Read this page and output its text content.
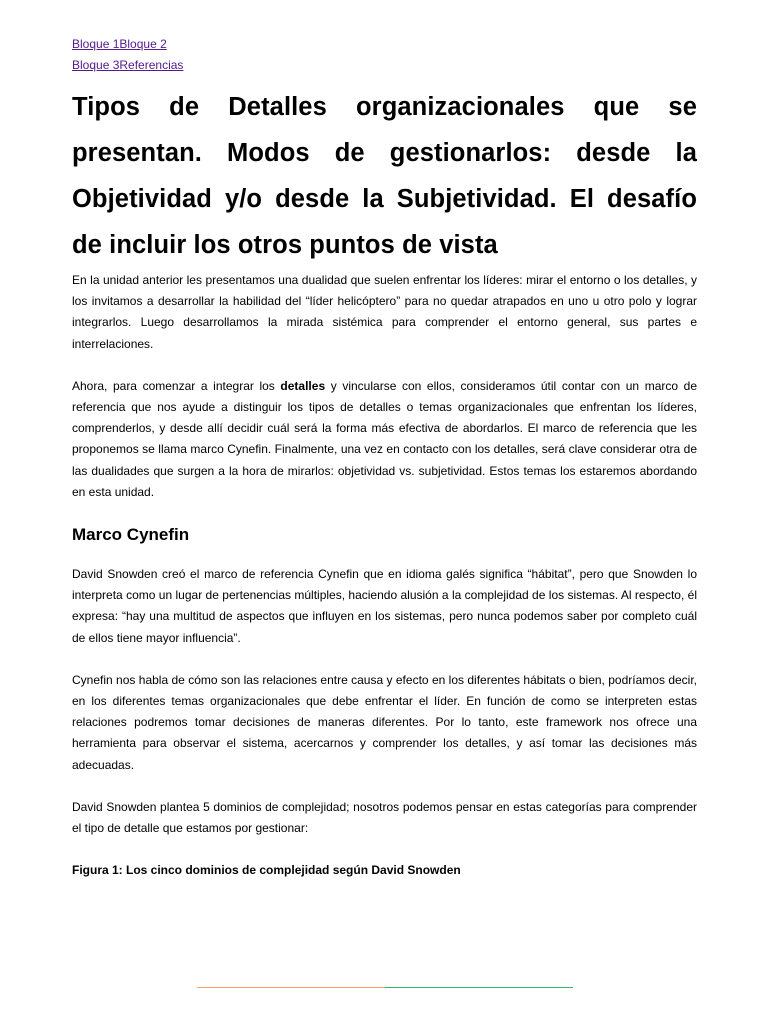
Bloque 1Bloque 2

Bloque 3Referencias

Tipos de Detalles organizacionales que se presentan. Modos de gestionarlos: desde la Objetividad y/o desde la Subjetividad. El desafío de incluir los otros puntos de vista

En la unidad anterior les presentamos una dualidad que suelen enfrentar los líderes: mirar el entorno o los detalles, y los invitamos a desarrollar la habilidad del “líder helicóptero” para no quedar atrapados en uno u otro polo y lograr integrarlos. Luego desarrollamos la mirada sistémica para comprender el entorno general, sus partes e interrelaciones.

Ahora, para comenzar a integrar los detalles y vincularse con ellos, consideramos útil contar con un marco de referencia que nos ayude a distinguir los tipos de detalles o temas organizacionales que enfrentan los líderes, comprenderlos, y desde allí decidir cuál será la forma más efectiva de abordarlos. El marco de referencia que les proponemos se llama marco Cynefin. Finalmente, una vez en contacto con los detalles, será clave considerar otra de las dualidades que surgen a la hora de mirarlos: objetividad vs. subjetividad. Estos temas los estaremos abordando en esta unidad.

Marco Cynefin

David Snowden creó el marco de referencia Cynefin que en idioma galés significa “hábitat”, pero que Snowden lo interpreta como un lugar de pertenencias múltiples, haciendo alusión a la complejidad de los sistemas. Al respecto, él expresa: “hay una multitud de aspectos que influyen en los sistemas, pero nunca podemos saber por completo cuál de ellos tiene mayor influencia”.

Cynefin nos habla de cómo son las relaciones entre causa y efecto en los diferentes hábitats o bien, podríamos decir, en los diferentes temas organizacionales que debe enfrentar el líder. En función de como se interpreten estas relaciones podremos tomar decisiones de maneras diferentes. Por lo tanto, este framework nos ofrece una herramienta para observar el sistema, acercarnos y comprender los detalles, y así tomar las decisiones más adecuadas.

David Snowden plantea 5 dominios de complejidad; nosotros podemos pensar en estas categorías para comprender el tipo de detalle que estamos por gestionar:

Figura 1: Los cinco dominios de complejidad según David Snowden
